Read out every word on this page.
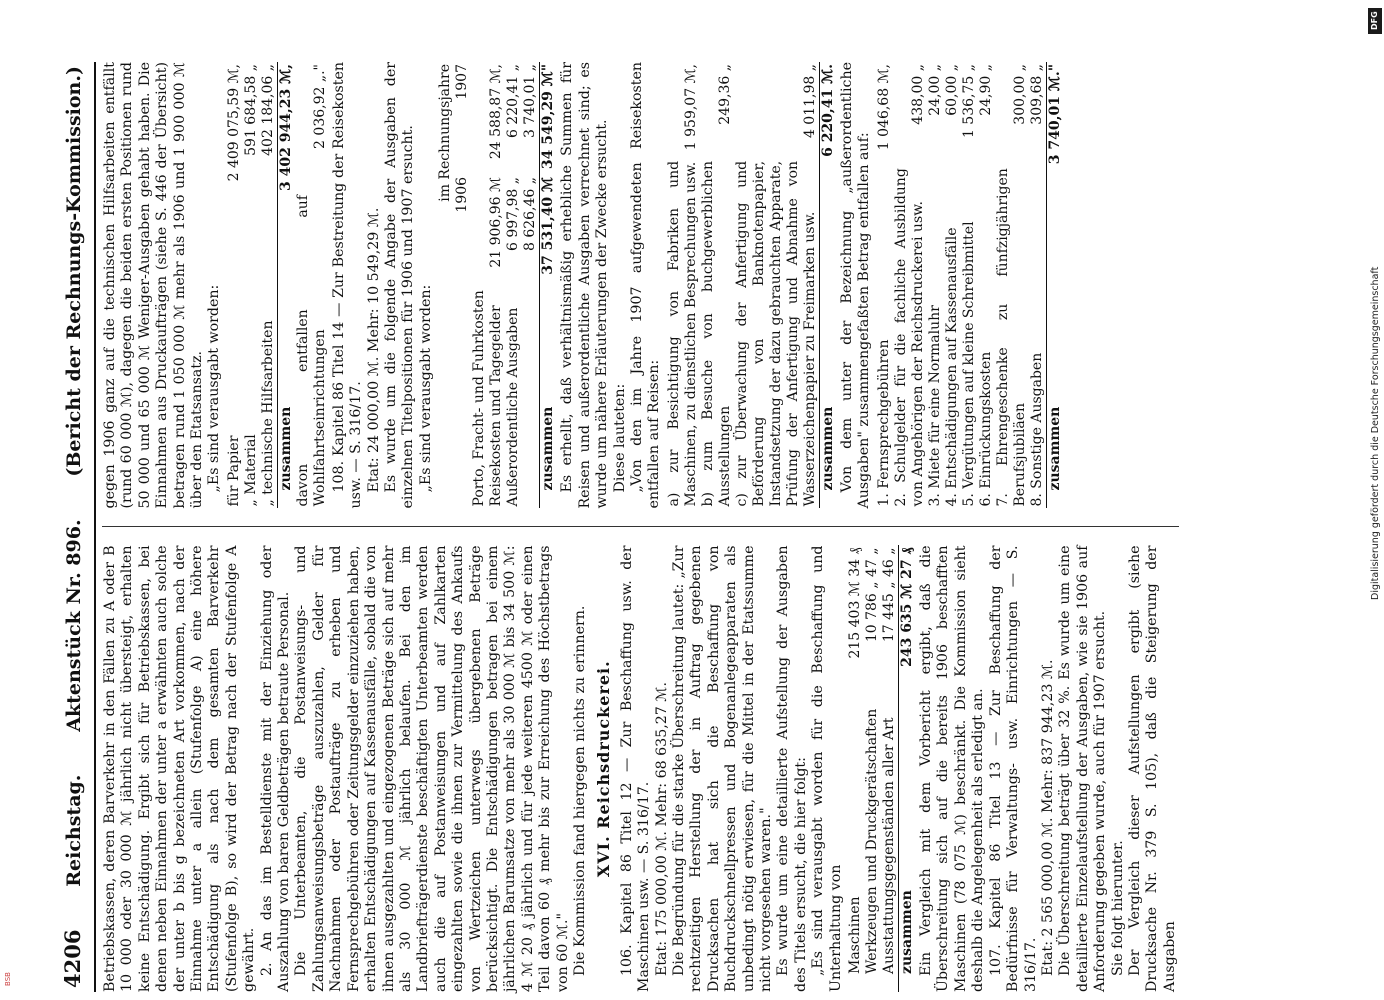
4206
Reichstag.
Aktenstück Nr. 896.
(Bericht der Rechnungs-Kommission.)

Betriebskassen, deren Barverkehr in den Fällen zu A oder B 10 000 oder 30 000 ℳ jährlich nicht übersteigt, erhalten keine Entschädigung. Ergibt sich für Betriebskassen, bei denen neben Einnahmen der unter a erwähnten auch solche der unter b bis g bezeichneten Art vorkommen, nach der Einnahme unter a allein (Stufenfolge A) eine höhere Entschädigung als nach dem gesamten Barverkehr (Stufenfolge B), so wird der Betrag nach der Stufenfolge A gewährt. 2. An das im Bestelldienste mit der Einziehung oder Auszahlung von baren Geldbeträgen betraute Personal. Die Unterbeamten, die Postanweisungs- und Zahlungsanweisungsbeträge auszuzahlen, Gelder für Nachnahmen oder Postaufträge zu erheben und Fernsprechgebühren oder Zeitungsgelder einzuziehen haben, erhalten Entschädigungen auf Kassenausfälle, sobald die von ihnen ausgezahlten und eingezogenen Beträge sich auf mehr als 30 000 ℳ jährlich belaufen. Bei den im Landbriefträgerdienste beschäftigten Unterbeamten werden auch die auf Postanweisungen und auf Zahlkarten eingezahlten sowie die ihnen zur Vermittelung des Ankaufs von Wertzeichen unterwegs übergebenen Beträge berücksichtigt. Die Entschädigungen betragen bei einem jährlichen Barumsatze von mehr als 30 000 ℳ bis 34 500 ℳ: 4 ℳ 20 ₰ jährlich und für jede weiteren 4500 ℳ oder einen Teil davon 60 ₰ mehr bis zur Erreichung des Höchstbetrags von 60 ℳ." Die Kommission fand hiergegen nichts zu erinnern. XVI. Reichsdruckerei. 106. Kapitel 86 Titel 12 — Zur Beschaffung usw. der Maschinen usw. — S. 316/17. Etat: 175 000,00 ℳ. Mehr: 68 635,27 ℳ. Die Begründung für die starke Überschreitung lautet: „Zur rechtzeitigen Herstellung der in Auftrag gegebenen Drucksachen hat sich die Beschaffung von Buchdruckschnellpressen und Bogenanlegeapparaten als unbedingt nötig erwiesen, für die Mittel in der Etatssumme nicht vorgesehen waren." Es wurde um eine detaillierte Aufstellung der Ausgaben des Titels ersucht, die hier folgt: „Es sind verausgabt worden für die Beschaffung und Unterhaltung von Maschinen	215 403 ℳ 34 ₰
Werkzeugen und Druckgerätschaften	10 786 „ 47 „
Ausstattungsgegenständen aller Art	17 445 „ 46 „
zusammen	243 635 ℳ 27 ₰ Ein Vergleich mit dem Vorbericht ergibt, daß die Überschreitung sich auf die bereits 1906 beschafften Maschinen (78 075 ℳ) beschränkt. Die Kommission sieht deshalb die Angelegenheit als erledigt an. 107. Kapitel 86 Titel 13 — Zur Beschaffung der Bedürfnisse für Verwaltungs- usw. Einrichtungen — S. 316/17. Etat: 2 565 000,00 ℳ. Mehr: 837 944,23 ℳ. Die Überschreitung beträgt über 32 %. Es wurde um eine detaillierte Einzelaufstellung der Ausgaben, wie sie 1906 auf Anforderung gegeben wurde, auch für 1907 ersucht. Sie folgt hierunter. Der Vergleich dieser Aufstellungen ergibt (siehe Drucksache Nr. 379 S. 105), daß die Steigerung der Ausgaben

gegen 1906 ganz auf die technischen Hilfsarbeiten entfällt (rund 60 000 ℳ), dagegen die beiden ersten Positionen rund 50 000 und 65 000 ℳ Weniger-Ausgaben gehabt haben. Die Einnahmen aus Druckaufträgen (siehe S. 446 der Übersicht) betragen rund 1 050 000 ℳ mehr als 1906 und 1 900 000 ℳ über den Etatsansatz. „Es sind verausgabt worden: für Papier	2 409 075,59 ℳ,
„ Material	591 684,58 „
„ technische Hilfsarbeiten	402 184,06 „
zusammen	3 402 944,23 ℳ,
davon entfallen auf Wohlfahrtseinrichtungen	2 036,92 „." 108. Kapitel 86 Titel 14 — Zur Bestreitung der Reisekosten usw. — S. 316/17. Etat: 24 000,00 ℳ. Mehr: 10 549,29 ℳ. Es wurde um die folgende Angabe der Ausgaben der einzelnen Titelpositionen für 1906 und 1907 ersucht. „Es sind verausgabt worden:

	im Rechnungsjahre	
	1906	1907
Porto, Fracht- und Fuhrkosten		
Reisekosten und Tagegelder	21 906,96 ℳ	24 588,87 ℳ,
Außerordentliche Ausgaben	6 997,98 „	6 220,41 „
	8 626,46 „	3 740,01 „
zusammen	37 531,40 ℳ	34 549,29 ℳ" Es erhellt, daß verhältnismäßig erhebliche Summen für Reisen und außerordentliche Ausgaben verrechnet sind; es wurde um nähere Erläuterungen der Zwecke ersucht. Diese lauteten: „Von den im Jahre 1907 aufgewendeten Reisekosten entfallen auf Reisen: a) zur Besichtigung von Fabriken und Maschinen, zu dienstlichen Besprechungen usw.	1 959,07 ℳ,
b) zum Besuche von buchgewerblichen Ausstellungen	249,36 „
c) zur Überwachung der Anfertigung und Beförderung von Banknotenpapier, Instandsetzung der dazu gebrauchten Apparate, Prüfung der Anfertigung und Abnahme von Wasserzeichenpapier zu Freimarken usw.	4 011,98 „
zusammen	6 220,41 ℳ. Von dem unter der Bezeichnung „außerordentliche Ausgaben" zusammengefaßten Betrag entfallen auf: 1. Fernsprechgebühren	1 046,68 ℳ,
2. Schulgelder für die fachliche Ausbildung von Angehörigen der Reichsdruckerei usw.	438,00 „
3. Miete für eine Normaluhr	24,00 „
4. Entschädigungen auf Kassenausfälle	60,00 „
5. Vergütungen auf kleine Schreibmittel	1 536,75 „
6. Einrückungskosten	24,90 „
7. Ehrengeschenke zu fünfzigjährigen Berufsjubiläen	300,00 „
8. Sonstige Ausgaben	309,68 „
zusammen	3 740,01 ℳ."
DFG
Digitalisierung gefördert durch die Deutsche Forschungsgemeinschaft
BSB
